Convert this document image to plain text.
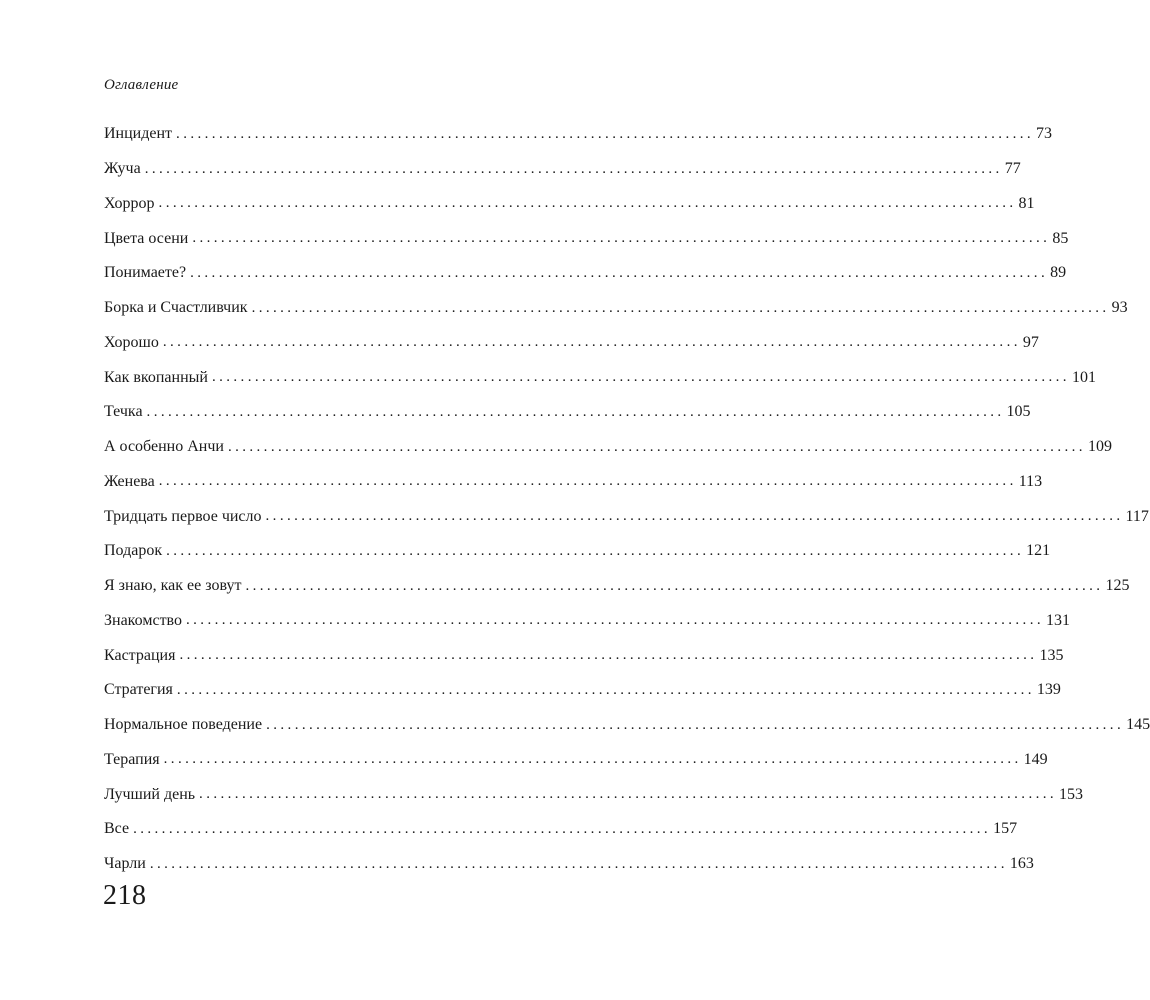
Оглавление
Инцидент ........................................................................................................................ 73
Жуча ........................................................................................................................ 77
Хоррор ........................................................................................................................ 81
Цвета осени ........................................................................................................................ 85
Понимаете? ........................................................................................................................ 89
Борка и Счастливчик ........................................................................................................................ 93
Хорошо ........................................................................................................................ 97
Как вкопанный ........................................................................................................................ 101
Течка ........................................................................................................................ 105
А особенно Анчи ........................................................................................................................ 109
Женева ........................................................................................................................ 113
Тридцать первое число ........................................................................................................................ 117
Подарок ........................................................................................................................ 121
Я знаю, как ее зовут ........................................................................................................................ 125
Знакомство ........................................................................................................................ 131
Кастрация ........................................................................................................................ 135
Стратегия ........................................................................................................................ 139
Нормальное поведение ........................................................................................................................ 145
Терапия ........................................................................................................................ 149
Лучший день ........................................................................................................................ 153
Все ........................................................................................................................ 157
Чарли ........................................................................................................................ 163
218
